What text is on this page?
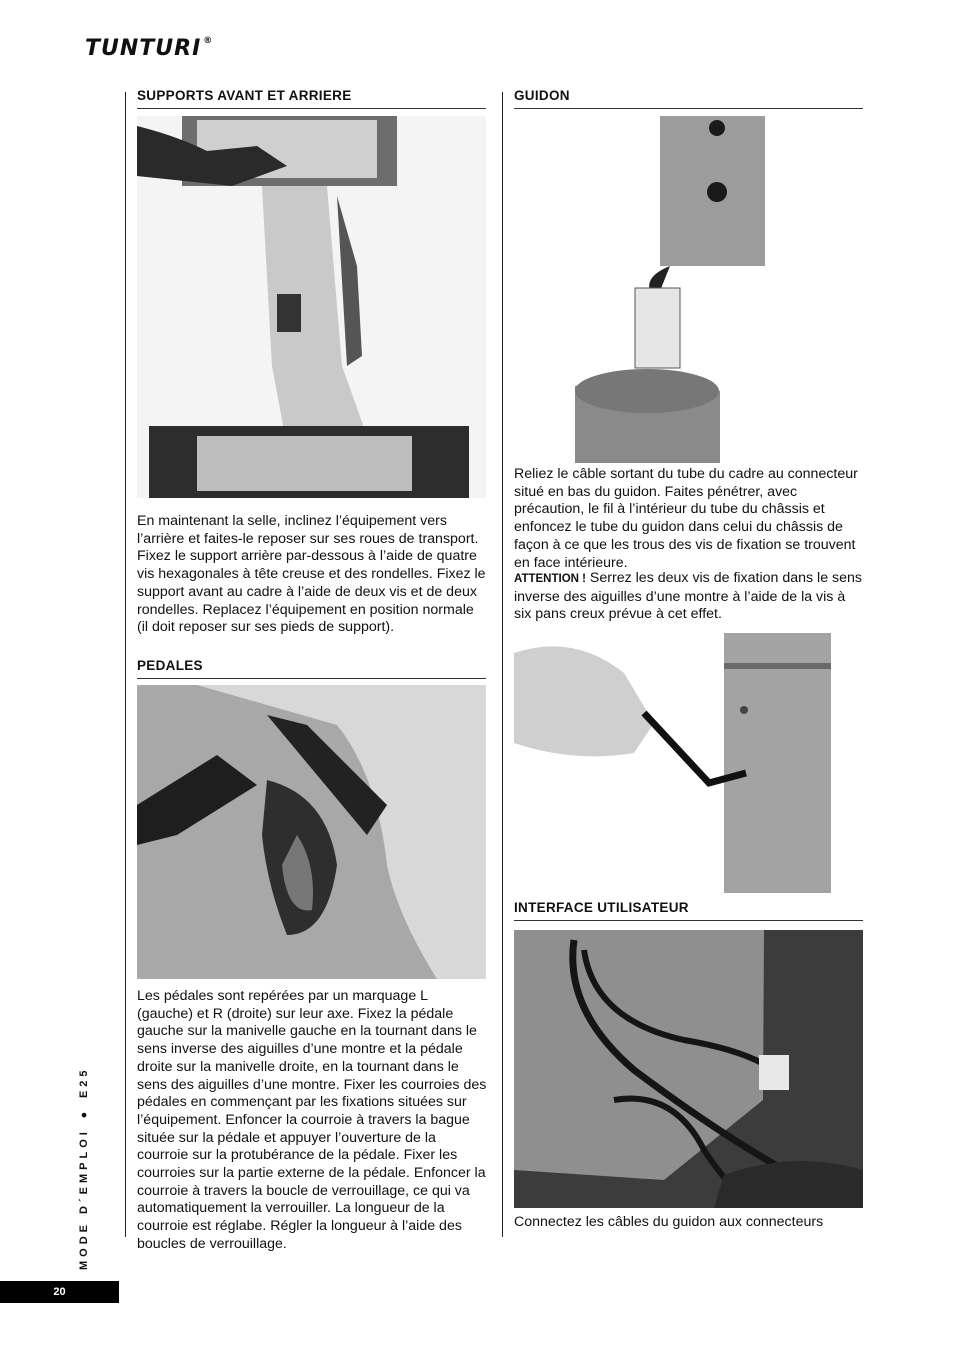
TUNTURI ®
SUPPORTS AVANT ET ARRIERE

En maintenant la selle, inclinez l’équipement vers l’arrière et faites-le reposer sur ses roues de transport. Fixez le support arrière par-dessous à l’aide de quatre vis hexagonales à tête creuse et des rondelles. Fixez le support avant au cadre à l’aide de deux vis et de deux rondelles. Replacez l’équipement en position normale (il doit reposer sur ses pieds de support).

PEDALES

Les pédales sont repérées par un marquage L (gauche) et R (droite) sur leur axe. Fixez la pédale gauche sur la manivelle gauche en la tournant dans le sens inverse des aiguilles d’une montre et la pédale droite sur la manivelle droite, en la tournant dans le sens des aiguilles d’une montre. Fixer les courroies des pédales en commençant par les fixations situées sur l’équipement. Enfoncer la courroie à travers la bague située sur la pédale et appuyer l’ouverture de la courroie sur la protubérance de la pédale. Fixer les courroies sur la partie externe de la pédale. Enfoncer la courroie à travers la boucle de verrouillage, ce qui va automatiquement la verrouiller. La longueur de la courroie est réglabe. Régler la longueur à l’aide des boucles de verrouillage.

GUIDON

Reliez le câble sortant du tube du cadre au connecteur situé en bas du guidon. Faites pénétrer, avec précaution, le fil à l’intérieur du tube du châssis et enfoncez le tube du guidon dans celui du châssis de façon à ce que les trous des vis de fixation se trouvent en face intérieure.

ATTENTION ! Serrez les deux vis de fixation dans le sens inverse des aiguilles d’une montre à l’aide de la vis à six pans creux prévue à cet effet.

INTERFACE UTILISATEUR

Connectez les câbles du guidon aux connecteurs

MODE D´EMPLOI ● E25
20
